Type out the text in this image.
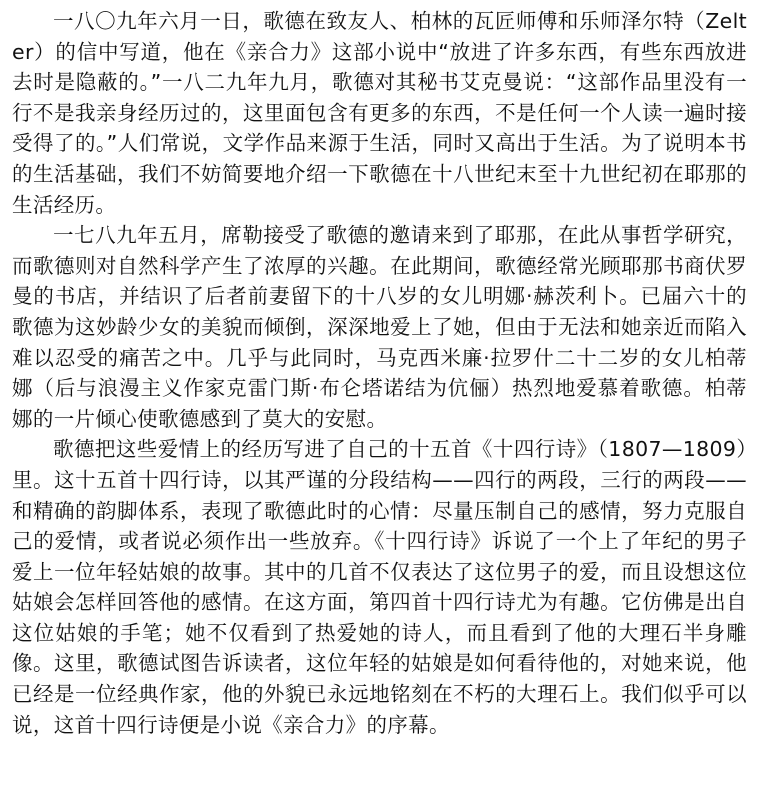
一八〇九年六月一日，歌德在致友人、柏林的瓦匠师傅和乐师泽尔特（Zelter）的信中写道，他在《亲合力》这部小说中“放进了许多东西，有些东西放进去时是隐蔽的。”一八二九年九月，歌德对其秘书艾克曼说：“这部作品里没有一行不是我亲身经历过的，这里面包含有更多的东西，不是任何一个人读一遍时接受得了的。”人们常说，文学作品来源于生活，同时又高出于生活。为了说明本书的生活基础，我们不妨简要地介绍一下歌德在十八世纪末至十九世纪初在耶那的生活经历。

一七八九年五月，席勒接受了歌德的邀请来到了耶那，在此从事哲学研究，而歌德则对自然科学产生了浓厚的兴趣。在此期间，歌德经常光顾耶那书商伏罗曼的书店，并结识了后者前妻留下的十八岁的女儿明娜·赫茨利卜。已届六十的歌德为这妙龄少女的美貌而倾倒，深深地爱上了她，但由于无法和她亲近而陷入难以忍受的痛苦之中。几乎与此同时，马克西米廉·拉罗什二十二岁的女儿柏蒂娜（后与浪漫主义作家克雷门斯·布仑塔诺结为伉俪）热烈地爱慕着歌德。柏蒂娜的一片倾心使歌德感到了莫大的安慰。

歌德把这些爱情上的经历写进了自己的十五首《十四行诗》（1807—1809）里。这十五首十四行诗，以其严谨的分段结构——四行的两段，三行的两段——和精确的韵脚体系，表现了歌德此时的心情：尽量压制自己的感情，努力克服自己的爱情，或者说必须作出一些放弃。《十四行诗》诉说了一个上了年纪的男子爱上一位年轻姑娘的故事。其中的几首不仅表达了这位男子的爱，而且设想这位姑娘会怎样回答他的感情。在这方面，第四首十四行诗尤为有趣。它仿佛是出自这位姑娘的手笔；她不仅看到了热爱她的诗人，而且看到了他的大理石半身雕像。这里，歌德试图告诉读者，这位年轻的姑娘是如何看待他的，对她来说，他已经是一位经典作家，他的外貌已永远地铭刻在不朽的大理石上。我们似乎可以说，这首十四行诗便是小说《亲合力》的序幕。
